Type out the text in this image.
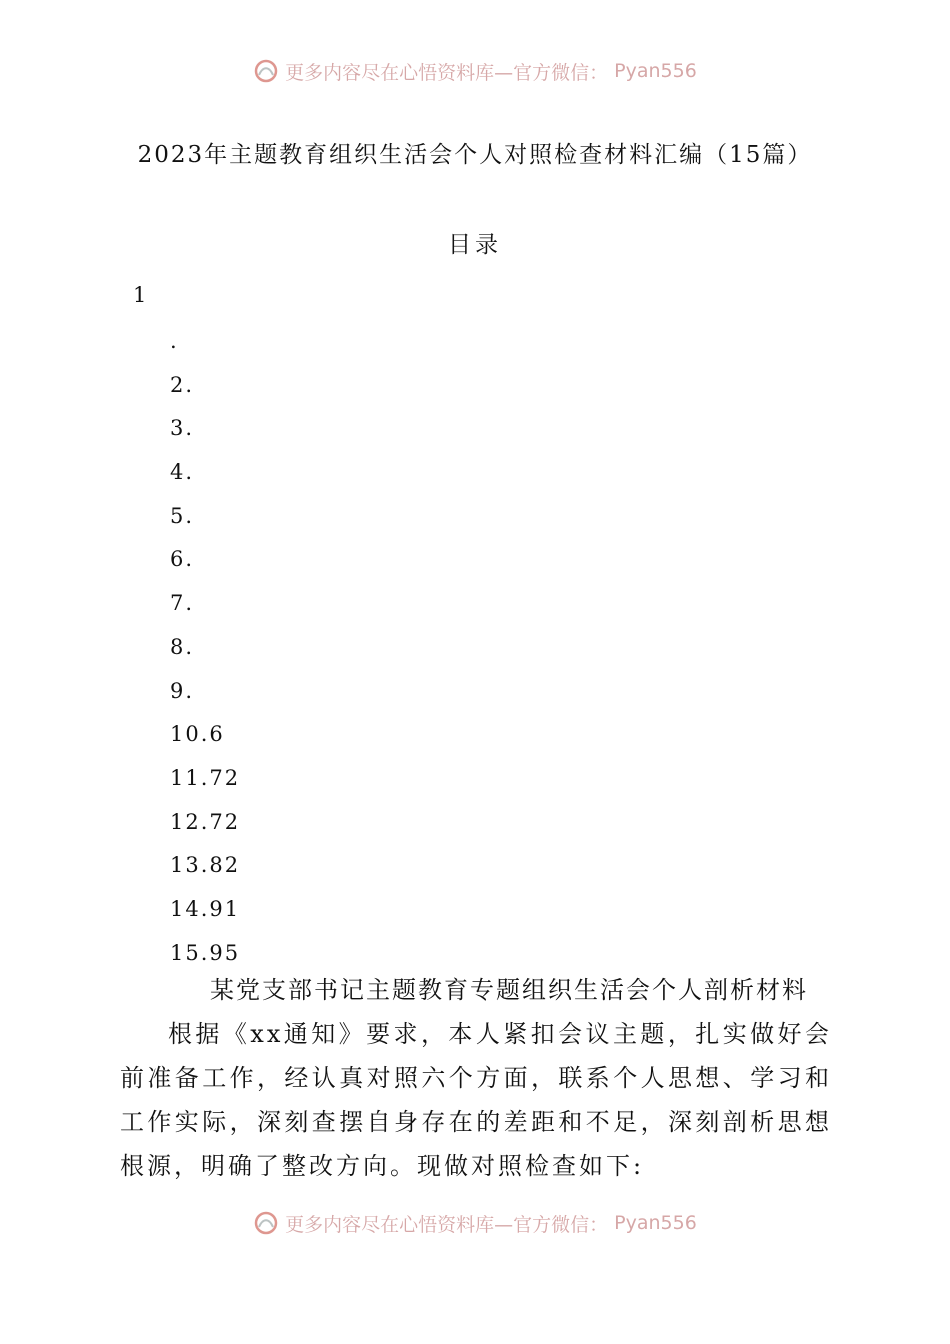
更多内容尽在心悟资料库—官方微信： Pyan556
2023年主题教育组织生活会个人对照检查材料汇编（15篇）
目录
1
.
2.
3.
4.
5.
6.
7.
8.
9.
10.6
11.72
12.72
13.82
14.91
15.95
某党支部书记主题教育专题组织生活会个人剖析材料

根据《xx通知》要求，本人紧扣会议主题，扎实做好会前准备工作，经认真对照六个方面，联系个人思想、学习和工作实际，深刻查摆自身存在的差距和不足，深刻剖析思想根源，明确了整改方向。现做对照检查如下:

更多内容尽在心悟资料库—官方微信： Pyan556
